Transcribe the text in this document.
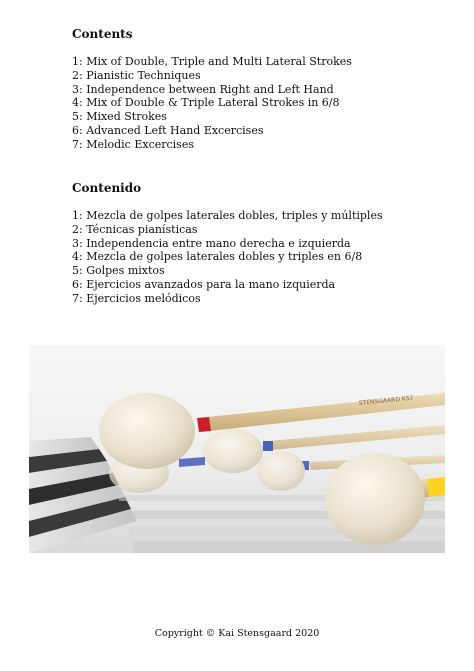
Contents
1: Mix of Double, Triple and Multi Lateral Strokes
2: Pianistic Techniques
3: Independence between Right and Left Hand
4: Mix of Double & Triple Lateral Strokes in 6/8
5: Mixed Strokes
6: Advanced Left Hand Excercises
7: Melodic Excercises
Contenido
1: Mezcla de golpes laterales dobles, triples y múltiples
2: Técnicas pianísticas
3: Independencia entre mano derecha e izquierda
4: Mezcla de golpes laterales dobles y triples en 6/8
5: Golpes mixtos
6: Ejercicios avanzados para la mano izquierda
7: Ejercicios melódicos
STENSGAARD KS7
Copyright © Kai Stensgaard 2020
